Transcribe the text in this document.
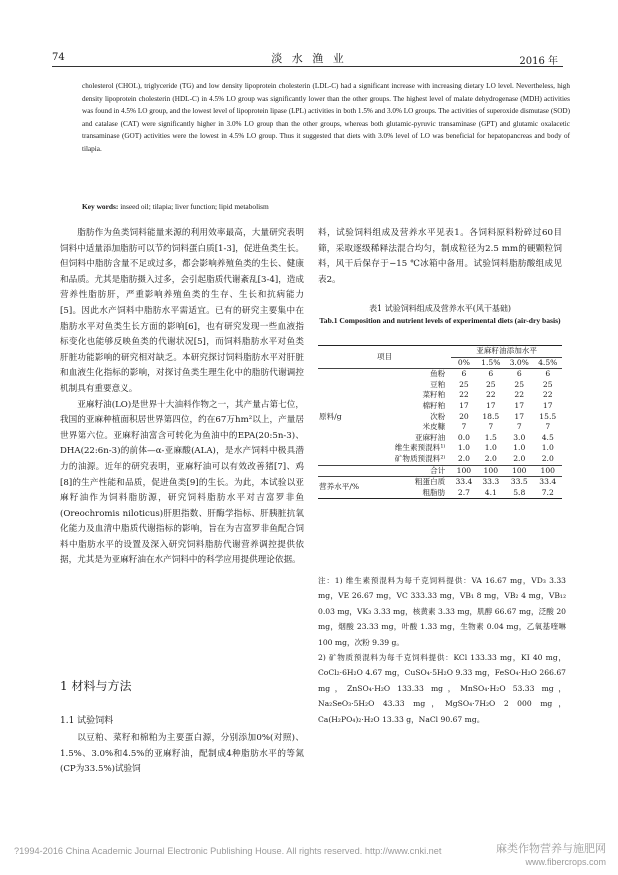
74	淡 水 渔 业	2016 年
cholesterol (CHOL), triglyceride (TG) and low density lipoprotein cholesterin (LDL-C) had a significant increase with increasing dietary LO level. Nevertheless, high density lipoprotein cholesterin (HDL-C) in 4.5% LO group was significantly lower than the other groups. The highest level of malate dehydrogenase (MDH) activities was found in 4.5% LO group, and the lowest level of lipoprotein lipase (LPL) activities in both 1.5% and 3.0% LO groups. The activities of superoxide dismutase (SOD) and catalase (CAT) were significantly higher in 3.0% LO group than the other groups, whereas both glutamic-pyruvic transaminase (GPT) and glutamic oxalacetic transaminase (GOT) activities were the lowest in 4.5% LO group. Thus it suggested that diets with 3.0% level of LO was beneficial for hepatopancreas and body of tilapia.
Key words: inseed oil; tilapia; liver function; lipid metabolism

脂肪作为鱼类饲料能量来源的利用效率最高，大量研究表明饲料中适量添加脂肪可以节约饲料蛋白质[1-3]，促进鱼类生长。但饲料中脂肪含量不足或过多，都会影响养殖鱼类的生长、健康和品质。尤其是脂肪摄入过多，会引起脂质代谢紊乱[3-4]，造成营养性脂肪肝，严重影响养殖鱼类的生存、生长和抗病能力[5]。因此水产饲料中脂肪水平需适宜。已有的研究主要集中在脂肪水平对鱼类生长方面的影响[6]，也有研究发现一些血液指标变化也能够反映鱼类的代谢状况[5]，而饲料脂肪水平对鱼类肝脏功能影响的研究相对缺乏。本研究探讨饲料脂肪水平对肝脏和血液生化指标的影响，对探讨鱼类生理生化中的脂肪代谢调控机制具有重要意义。

亚麻籽油(LO)是世界十大油料作物之一，其产量占第七位，我国的亚麻种植面积居世界第四位，约在67万hm²以上，产量居世界第六位。亚麻籽油富含可转化为鱼油中的EPA(20:5n-3)、DHA(22:6n-3)的前体—α-亚麻酸(ALA)，是水产饲料中极具潜力的油源。近年的研究表明，亚麻籽油可以有效改善猪[7]、鸡[8]的生产性能和品质，促进鱼类[9]的生长。为此，本试验以亚麻籽油作为饲料脂肪源，研究饲料脂肪水平对吉富罗非鱼(Oreochromis niloticus)肝胆指数、肝酶学指标、肝胰脏抗氧化能力及血清中脂质代谢指标的影响，旨在为吉富罗非鱼配合饲料中脂肪水平的设置及深入研究饲料脂肪代谢营养调控提供依据，尤其是为亚麻籽油在水产饲料中的科学应用提供理论依据。

1 材料与方法
1.1 试验饲料

以豆粕、菜籽和棉粕为主要蛋白源，分别添加0%(对照)、1.5%、3.0%和4.5%的亚麻籽油，配制成4种脂肪水平的等氮(CP为33.5%)试验饲

料，试验饲料组成及营养水平见表1。各饲料原料粉碎过60目筛，采取逐级稀释法混合均匀，制成粒径为2.5 mm的硬颗粒饲料，风干后保存于−15 ℃冰箱中备用。试验饲料脂肪酸组成见表2。

表1 试验饲料组成及营养水平(风干基础)
Tab.1 Composition and nutrient levels of experimental diets (air-dry basis)
项目		亚麻籽油添加水平			
		0%	1.5%	3.0%	4.5%
原料/g	鱼粉	6	6	6	6
	豆粕	25	25	25	25
	菜籽粕	22	22	22	22
	棉籽粕	17	17	17	17
	次粉	20	18.5	17	15.5
	米皮糠	7	7	7	7
	亚麻籽油	0.0	1.5	3.0	4.5
	维生素预混料¹⁾	1.0	1.0	1.0	1.0
	矿物质预混料²⁾	2.0	2.0	2.0	2.0
	合计	100	100	100	100
营养水平/%	粗蛋白质	33.4	33.3	33.5	33.4
	粗脂肪	2.7	4.1	5.8	7.2

注：1) 维生素预混料为每千克饲料提供：VA 16.67 mg，VD₃ 3.33 mg，VE 26.67 mg，VC 333.33 mg，VB₁ 8 mg，VB₂ 4 mg，VB₁₂ 0.03 mg，VK₃ 3.33 mg，核黄素 3.33 mg，肌醇 66.67 mg，泛酸 20 mg，烟酸 23.33 mg，叶酸 1.33 mg，生物素 0.04 mg，乙氧基喹啉 100 mg，次粉 9.39 g。

2) 矿物质预混料为每千克饲料提供：KCl 133.33 mg，KI 40 mg，CoCl₂·6H₂O 4.67 mg，CuSO₄·5H₂O 9.33 mg，FeSO₄·H₂O 266.67 mg，ZnSO₄·H₂O 133.33 mg，MnSO₄·H₂O 53.33 mg，Na₂SeO₃·5H₂O 43.33 mg，MgSO₄·7H₂O 2 000 mg，Ca(H₂PO₄)₂·H₂O 13.33 g，NaCl 90.67 mg。

?1994-2016 China Academic Journal Electronic Publishing House. All rights reserved. http://www.cnki.net	麻类作物营养与施肥网
www.fibercrops.com
